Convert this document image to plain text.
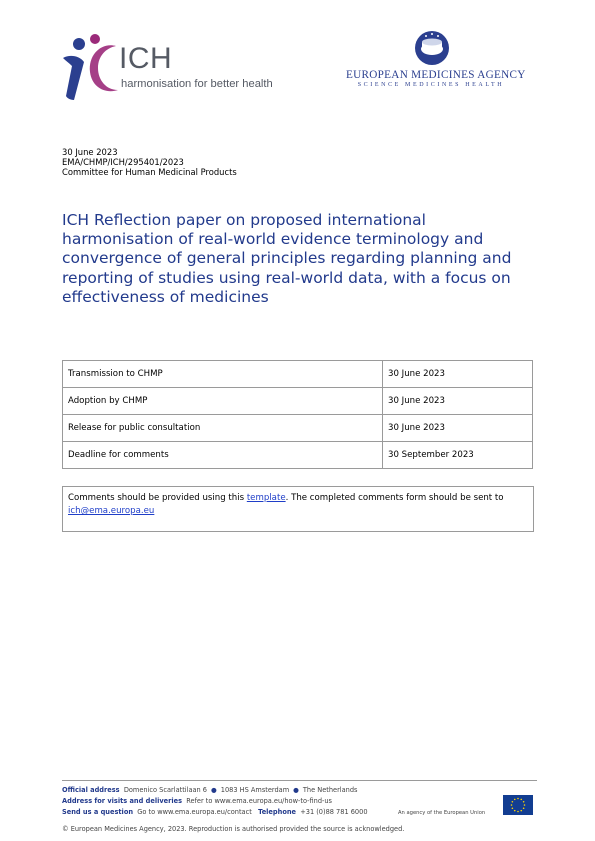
ICH
harmonisation for better health
EUROPEAN MEDICINES AGENCY
SCIENCE MEDICINES HEALTH
30 June 2023
EMA/CHMP/ICH/295401/2023
Committee for Human Medicinal Products
ICH Reflection paper on proposed international harmonisation of real-world evidence terminology and convergence of general principles regarding planning and reporting of studies using real-world data, with a focus on effectiveness of medicines
Transmission to CHMP	30 June 2023
Adoption by CHMP	30 June 2023
Release for public consultation	30 June 2023
Deadline for comments	30 September 2023
Comments should be provided using this template. The completed comments form should be sent to
ich@ema.europa.eu
Official address Domenico Scarlattilaan 6 ● 1083 HS Amsterdam ● The Netherlands
Address for visits and deliveries Refer to www.ema.europa.eu/how-to-find-us
Send us a question Go to www.ema.europa.eu/contact Telephone +31 (0)88 781 6000	An agency of the European Union
© European Medicines Agency, 2023. Reproduction is authorised provided the source is acknowledged.
